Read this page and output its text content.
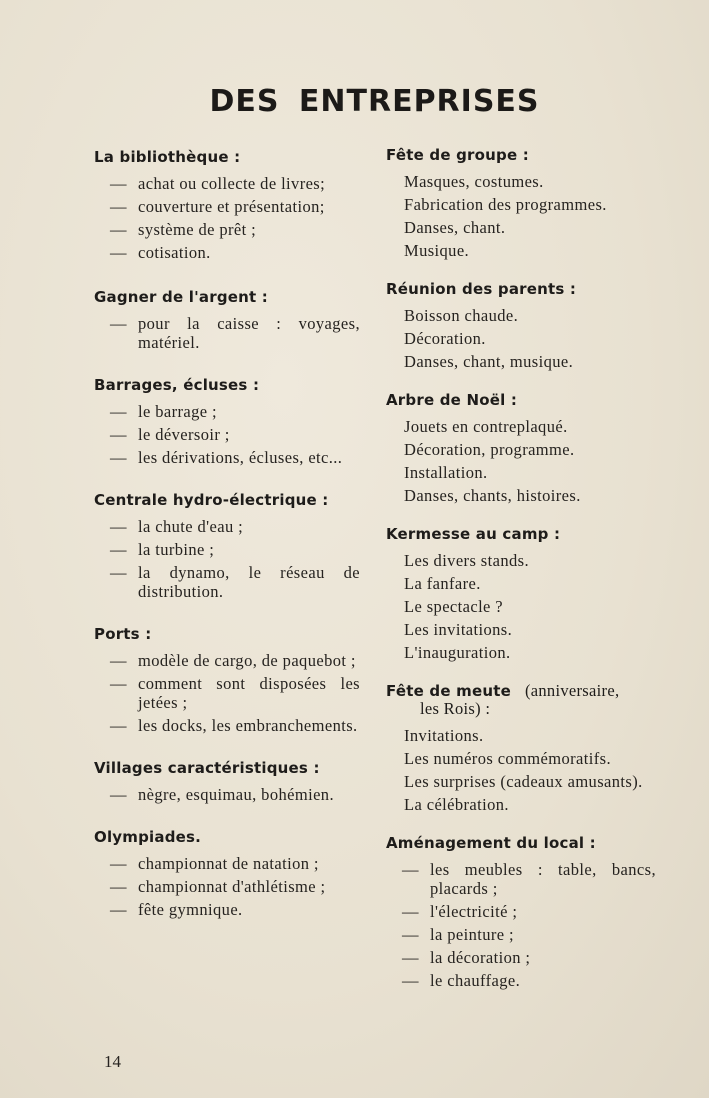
DES ENTREPRISES
La bibliothèque :
— achat ou collecte de livres;
— couverture et présentation;
— système de prêt ;
— cotisation.
Gagner de l'argent :
— pour la caisse : voyages, matériel.
Barrages, écluses :
— le barrage ;
— le déversoir ;
— les dérivations, écluses, etc...
Centrale hydro-électrique :
— la chute d'eau ;
— la turbine ;
— la dynamo, le réseau de distribution.
Ports :
— modèle de cargo, de paquebot ;
— comment sont disposées les jetées ;
— les docks, les embranchements.
Villages caractéristiques :
— nègre, esquimau, bohémien.
Olympiades.
— championnat de natation ;
— championnat d'athlétisme ;
— fête gymnique.
Fête de groupe :
Masques, costumes.
Fabrication des programmes.
Danses, chant.
Musique.
Réunion des parents :
Boisson chaude.
Décoration.
Danses, chant, musique.
Arbre de Noël :
Jouets en contreplaqué.
Décoration, programme.
Installation.
Danses, chants, histoires.
Kermesse au camp :
Les divers stands.
La fanfare.
Le spectacle ?
Les invitations.
L'inauguration.
Fête de meute (anniversaire,
les Rois) :
Invitations.
Les numéros commémoratifs.
Les surprises (cadeaux amusants).
La célébration.
Aménagement du local :
— les meubles : table, bancs, placards ;
— l'électricité ;
— la peinture ;
— la décoration ;
— le chauffage.
14
